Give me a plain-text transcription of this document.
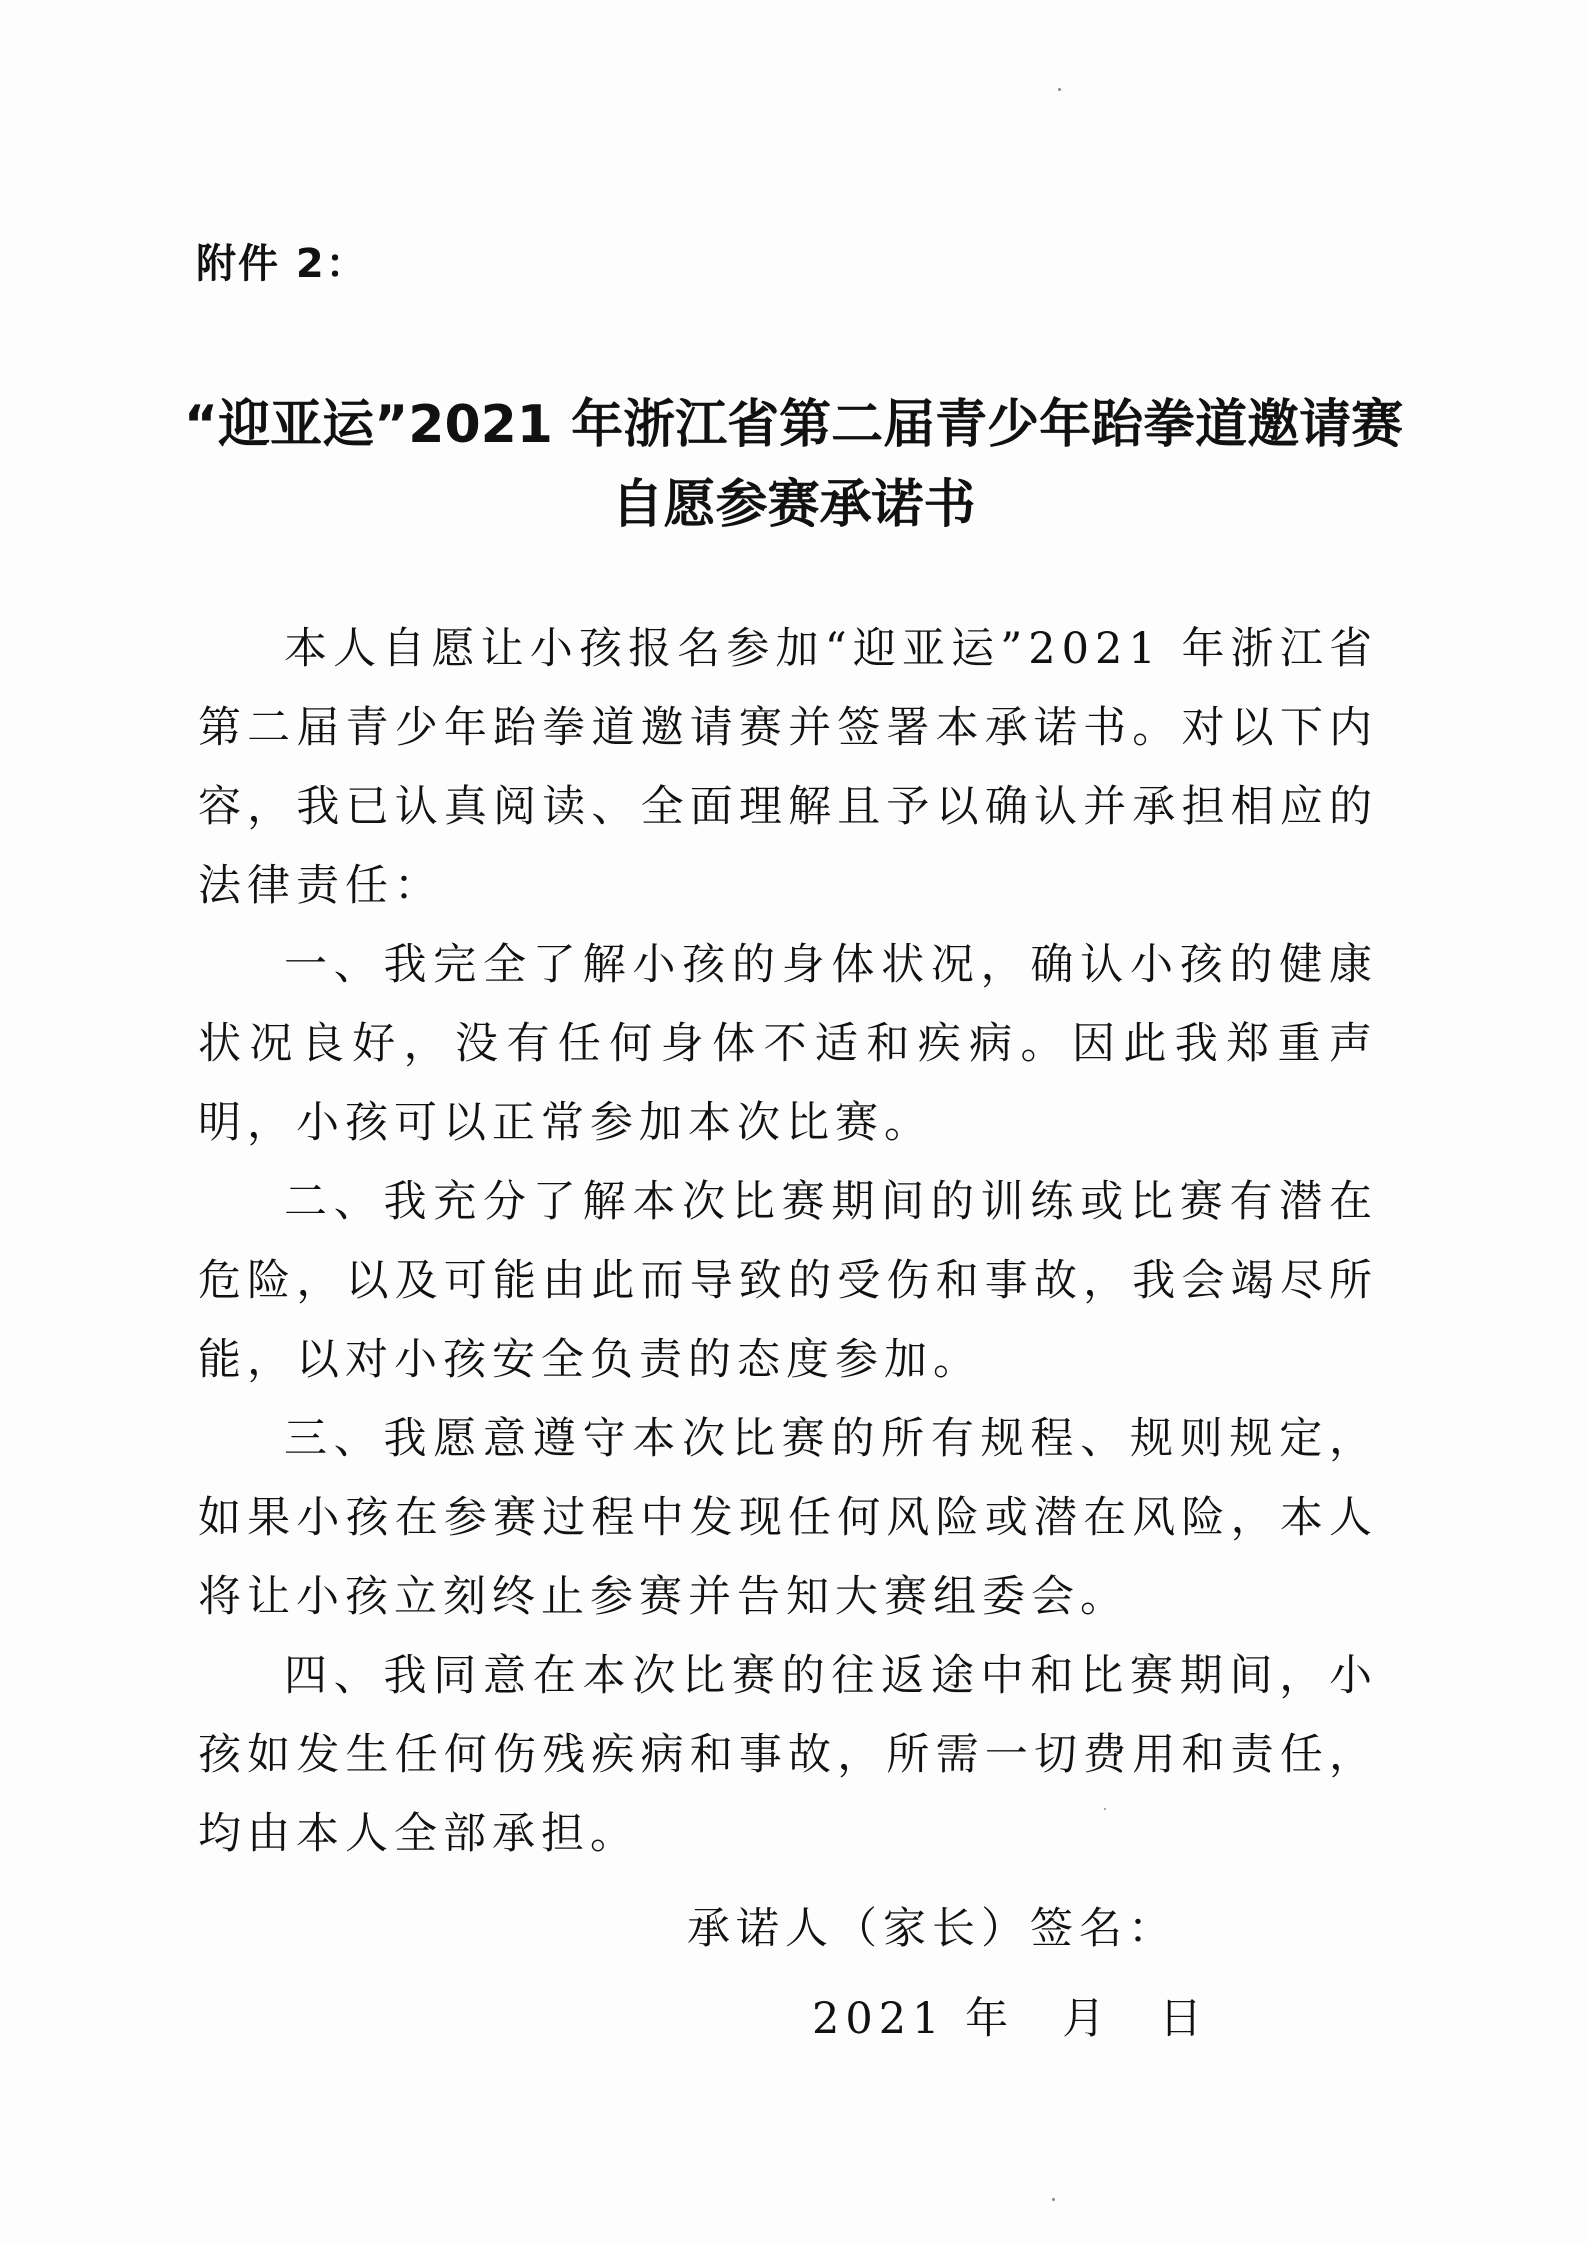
附件 2：
“迎亚运”2021 年浙江省第二届青少年跆拳道邀请赛
自愿参赛承诺书

本人自愿让小孩报名参加“迎亚运”2021 年浙江省第二届青少年跆拳道邀请赛并签署本承诺书。对以下内容，我已认真阅读、全面理解且予以确认并承担相应的法律责任：

一、我完全了解小孩的身体状况，确认小孩的健康状况良好，没有任何身体不适和疾病。因此我郑重声明，小孩可以正常参加本次比赛。

二、我充分了解本次比赛期间的训练或比赛有潜在危险，以及可能由此而导致的受伤和事故，我会竭尽所能，以对小孩安全负责的态度参加。

三、我愿意遵守本次比赛的所有规程、规则规定，如果小孩在参赛过程中发现任何风险或潜在风险，本人将让小孩立刻终止参赛并告知大赛组委会。

四、我同意在本次比赛的往返途中和比赛期间，小孩如发生任何伤残疾病和事故，所需一切费用和责任，均由本人全部承担。

承诺人（家长）签名：
2021 年 月 日
